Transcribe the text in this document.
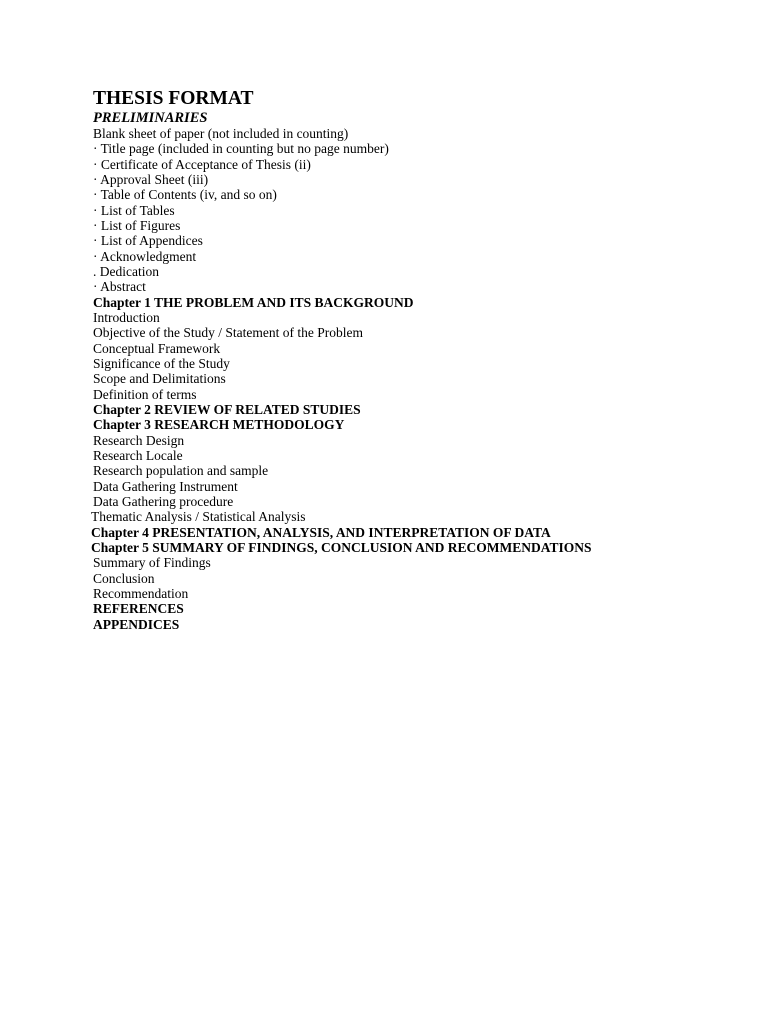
THESIS FORMAT
PRELIMINARIES
Blank sheet of paper (not included in counting)
· Title page (included in counting but no page number)
· Certificate of Acceptance of Thesis (ii)
· Approval Sheet (iii)
· Table of Contents (iv, and so on)
· List of Tables
· List of Figures
· List of Appendices
· Acknowledgment
. Dedication
· Abstract
Chapter 1 THE PROBLEM AND ITS BACKGROUND
Introduction
Objective of the Study / Statement of the Problem
Conceptual Framework
Significance of the Study
Scope and Delimitations
Definition of terms
Chapter 2 REVIEW OF RELATED STUDIES
Chapter 3 RESEARCH METHODOLOGY
Research Design
Research Locale
Research population and sample
Data Gathering Instrument
Data Gathering procedure
Thematic Analysis / Statistical Analysis
Chapter 4 PRESENTATION, ANALYSIS, AND INTERPRETATION OF DATA
Chapter 5 SUMMARY OF FINDINGS, CONCLUSION AND RECOMMENDATIONS
Summary of Findings
Conclusion
Recommendation
REFERENCES
APPENDICES
